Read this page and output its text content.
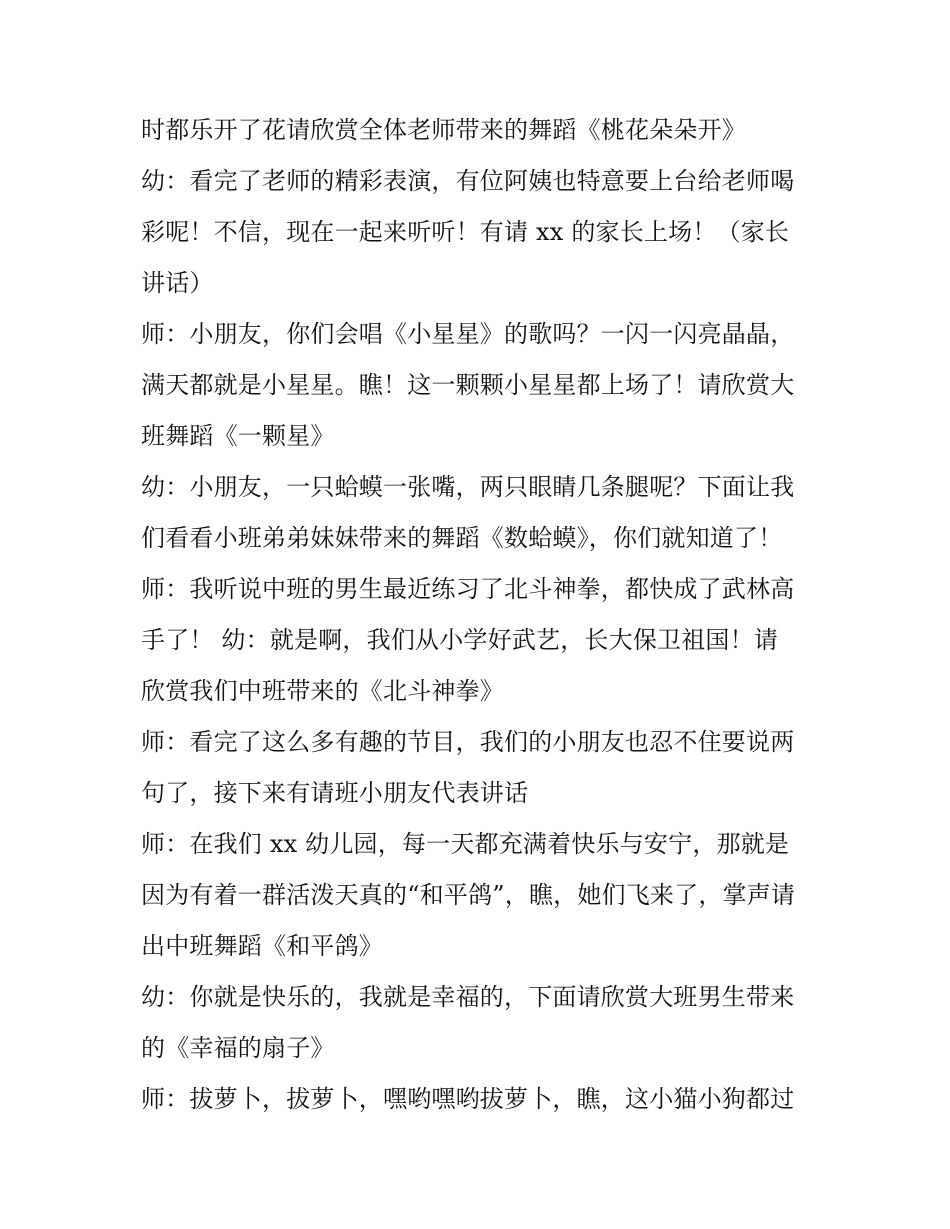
时都乐开了花请欣赏全体老师带来的舞蹈《桃花朵朵开》
幼：看完了老师的精彩表演，有位阿姨也特意要上台给老师喝
彩呢！不信，现在一起来听听！有请 xx 的家长上场！（家长
讲话）
师：小朋友，你们会唱《小星星》的歌吗？一闪一闪亮晶晶，
满天都就是小星星。瞧！这一颗颗小星星都上场了！请欣赏大
班舞蹈《一颗星》
幼：小朋友，一只蛤蟆一张嘴，两只眼睛几条腿呢？下面让我
们看看小班弟弟妹妹带来的舞蹈《数蛤蟆》，你们就知道了！
师：我听说中班的男生最近练习了北斗神拳，都快成了武林高
手了！ 幼：就是啊，我们从小学好武艺，长大保卫祖国！请
欣赏我们中班带来的《北斗神拳》
师：看完了这么多有趣的节目，我们的小朋友也忍不住要说两
句了，接下来有请班小朋友代表讲话
师：在我们 xx 幼儿园，每一天都充满着快乐与安宁，那就是
因为有着一群活泼天真的“和平鸽”，瞧，她们飞来了，掌声请
出中班舞蹈《和平鸽》
幼：你就是快乐的，我就是幸福的，下面请欣赏大班男生带来
的《幸福的扇子》
师：拔萝卜，拔萝卜，嘿哟嘿哟拔萝卜，瞧，这小猫小狗都过
